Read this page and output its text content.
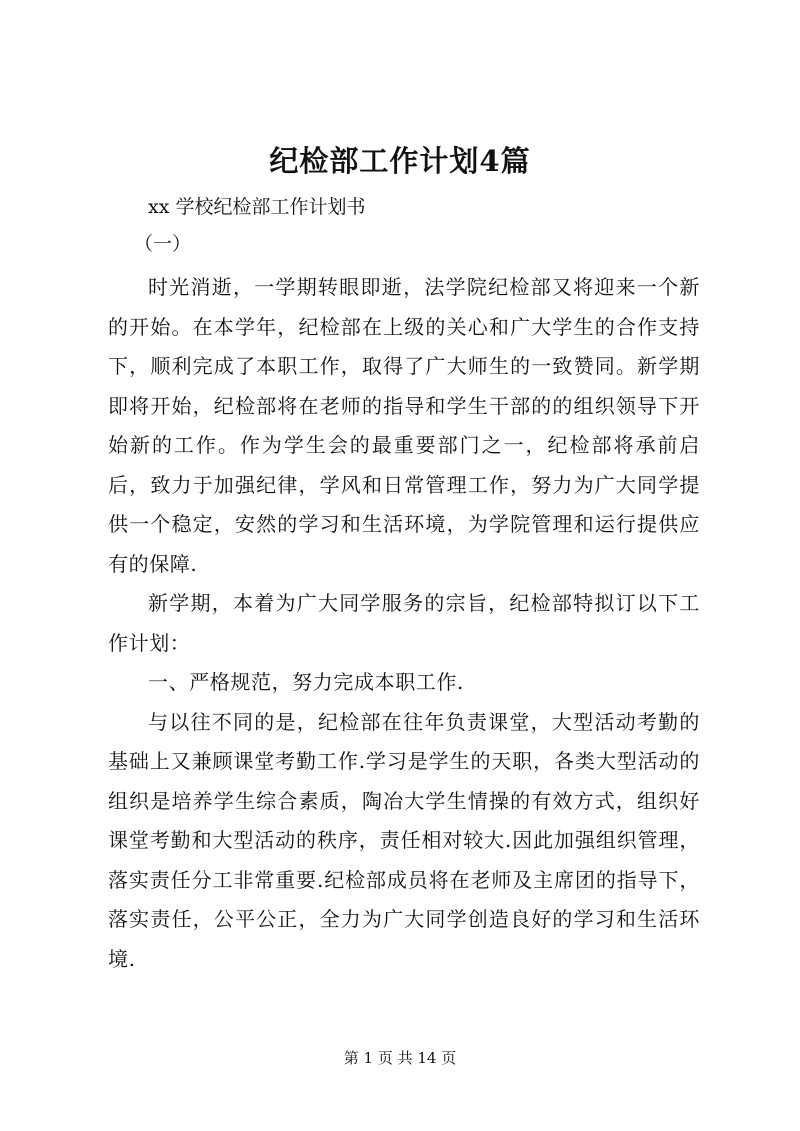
纪检部工作计划4篇
xx 学校纪检部工作计划书
（一）

时光消逝，一学期转眼即逝，法学院纪检部又将迎来一个新的开始。在本学年，纪检部在上级的关心和广大学生的合作支持下，顺利完成了本职工作，取得了广大师生的一致赞同。新学期即将开始，纪检部将在老师的指导和学生干部的的组织领导下开始新的工作。作为学生会的最重要部门之一，纪检部将承前启后，致力于加强纪律，学风和日常管理工作，努力为广大同学提供一个稳定，安然的学习和生活环境，为学院管理和运行提供应有的保障.

新学期，本着为广大同学服务的宗旨，纪检部特拟订以下工作计划：

一、严格规范，努力完成本职工作.

与以往不同的是，纪检部在往年负责课堂，大型活动考勤的基础上又兼顾课堂考勤工作.学习是学生的天职，各类大型活动的组织是培养学生综合素质，陶冶大学生情操的有效方式，组织好课堂考勤和大型活动的秩序，责任相对较大.因此加强组织管理，落实责任分工非常重要.纪检部成员将在老师及主席团的指导下，落实责任，公平公正，全力为广大同学创造良好的学习和生活环境.

第 1 页 共 14 页
